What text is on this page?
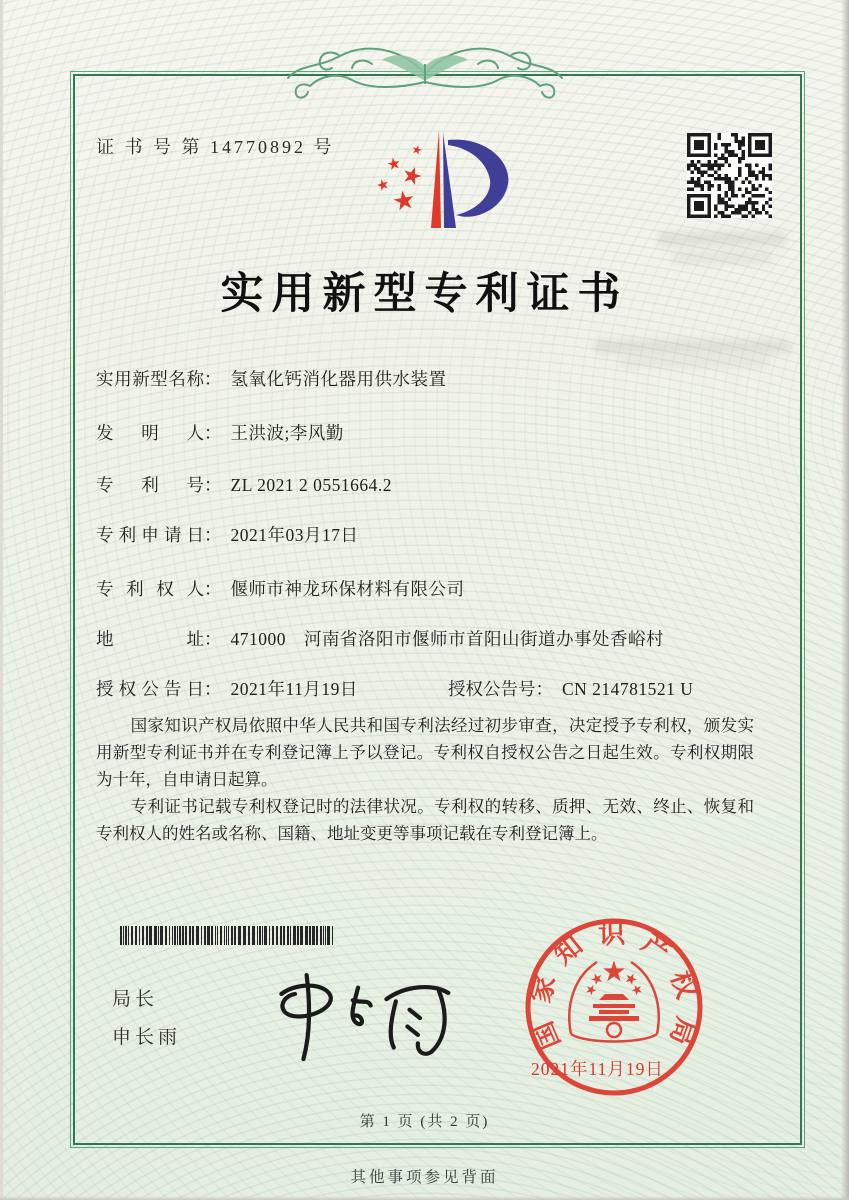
证 书 号 第 14770892 号
实用新型专利证书
实用新型名称： 氢氧化钙消化器用供水装置
发明人： 王洪波;李风勤
专利号： ZL 2021 2 0551664.2
专利申请日： 2021年03月17日
专利权人： 偃师市神龙环保材料有限公司
地址： 471000　河南省洛阳市偃师市首阳山街道办事处香峪村
授权公告日： 2021年11月19日	授权公告号： CN 214781521 U

国家知识产权局依照中华人民共和国专利法经过初步审查，决定授予专利权，颁发实用新型专利证书并在专利登记簿上予以登记。专利权自授权公告之日起生效。专利权期限为十年，自申请日起算。

专利证书记载专利权登记时的法律状况。专利权的转移、质押、无效、终止、恢复和专利权人的姓名或名称、国籍、地址变更等事项记载在专利登记簿上。

局长
申长雨	国家知识产权局
2021年11月19日
第 1 页 (共 2 页)
其他事项参见背面
